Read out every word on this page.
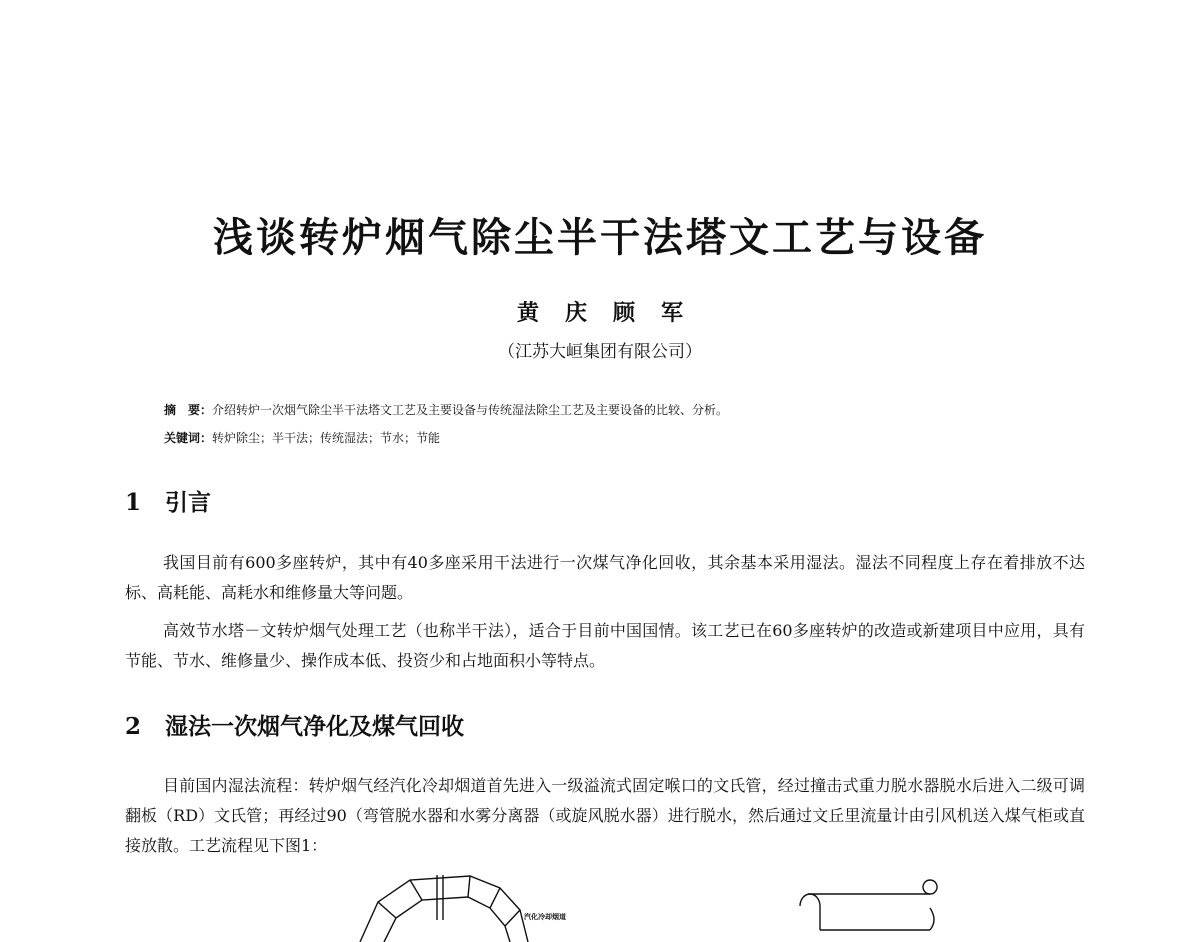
浅谈转炉烟气除尘半干法塔文工艺与设备
黄庆顾军
（江苏大峘集团有限公司）
摘　要：介绍转炉一次烟气除尘半干法塔文工艺及主要设备与传统湿法除尘工艺及主要设备的比较、分析。
关键词：转炉除尘；半干法；传统湿法；节水；节能
1 引言

我国目前有600多座转炉，其中有40多座采用干法进行一次煤气净化回收，其余基本采用湿法。湿法不同程度上存在着排放不达标、高耗能、高耗水和维修量大等问题。

高效节水塔－文转炉烟气处理工艺（也称半干法），适合于目前中国国情。该工艺已在60多座转炉的改造或新建项目中应用，具有节能、节水、维修量少、操作成本低、投资少和占地面积小等特点。

2 湿法一次烟气净化及煤气回收

目前国内湿法流程：转炉烟气经汽化冷却烟道首先进入一级溢流式固定喉口的文氏管，经过撞击式重力脱水器脱水后进入二级可调翻板（RD）文氏管；再经过90（弯管脱水器和水雾分离器（或旋风脱水器）进行脱水，然后通过文丘里流量计由引风机送入煤气柜或直接放散。工艺流程见下图1：

汽化冷却烟道
